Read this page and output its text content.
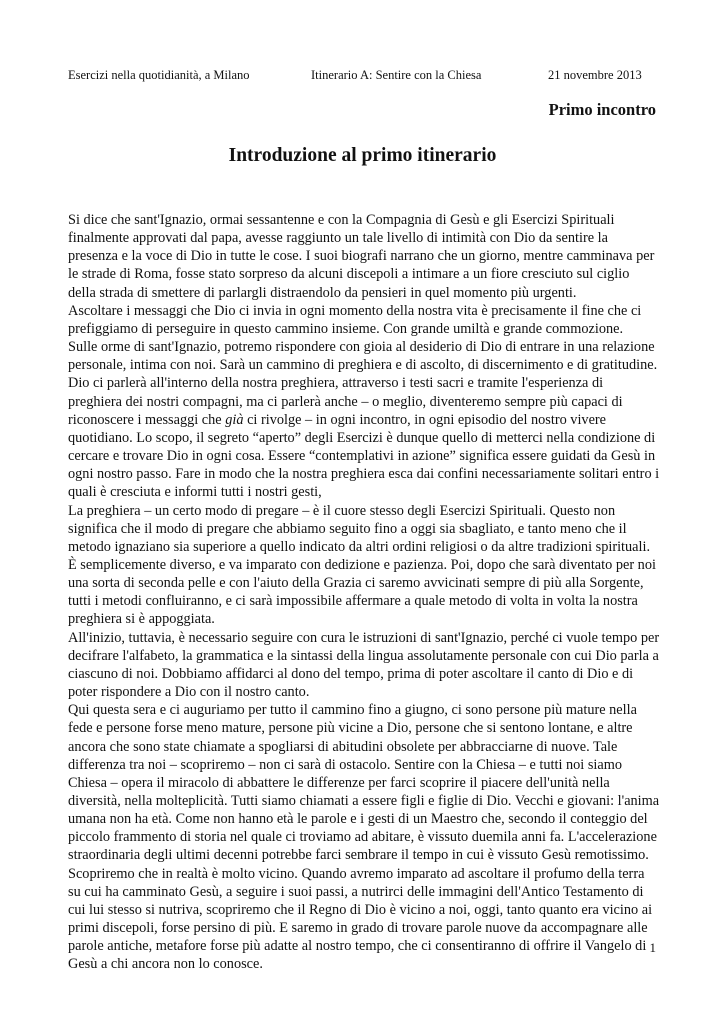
Esercizi nella quotidianità, a Milano	Itinerario A: Sentire con la Chiesa	21 novembre 2013
Primo incontro
Introduzione al primo itinerario

Si dice che sant'Ignazio, ormai sessantenne e con la Compagnia di Gesù e gli Esercizi Spirituali finalmente approvati dal papa, avesse raggiunto un tale livello di intimità con Dio da sentire la presenza e la voce di Dio in tutte le cose. I suoi biografi narrano che un giorno, mentre camminava per le strade di Roma, fosse stato sorpreso da alcuni discepoli a intimare a un fiore cresciuto sul ciglio della strada di smettere di parlargli distraendolo da pensieri in quel momento più urgenti.

Ascoltare i messaggi che Dio ci invia in ogni momento della nostra vita è precisamente il fine che ci prefiggiamo di perseguire in questo cammino insieme. Con grande umiltà e grande commozione.

Sulle orme di sant'Ignazio, potremo rispondere con gioia al desiderio di Dio di entrare in una relazione personale, intima con noi. Sarà un cammino di preghiera e di ascolto, di discernimento e di gratitudine. Dio ci parlerà all'interno della nostra preghiera, attraverso i testi sacri e tramite l'esperienza di preghiera dei nostri compagni, ma ci parlerà anche – o meglio, diventeremo sempre più capaci di riconoscere i messaggi che già ci rivolge – in ogni incontro, in ogni episodio del nostro vivere quotidiano. Lo scopo, il segreto “aperto” degli Esercizi è dunque quello di metterci nella condizione di cercare e trovare Dio in ogni cosa. Essere “contemplativi in azione” significa essere guidati da Gesù in ogni nostro passo. Fare in modo che la nostra preghiera esca dai confini necessariamente solitari entro i quali è cresciuta e informi tutti i nostri gesti,

La preghiera – un certo modo di pregare – è il cuore stesso degli Esercizi Spirituali. Questo non significa che il modo di pregare che abbiamo seguito fino a oggi sia sbagliato, e tanto meno che il metodo ignaziano sia superiore a quello indicato da altri ordini religiosi o da altre tradizioni spirituali. È semplicemente diverso, e va imparato con dedizione e pazienza. Poi, dopo che sarà diventato per noi una sorta di seconda pelle e con l'aiuto della Grazia ci saremo avvicinati sempre di più alla Sorgente, tutti i metodi confluiranno, e ci sarà impossibile affermare a quale metodo di volta in volta la nostra preghiera si è appoggiata.

All'inizio, tuttavia, è necessario seguire con cura le istruzioni di sant'Ignazio, perché ci vuole tempo per decifrare l'alfabeto, la grammatica e la sintassi della lingua assolutamente personale con cui Dio parla a ciascuno di noi. Dobbiamo affidarci al dono del tempo, prima di poter ascoltare il canto di Dio e di poter rispondere a Dio con il nostro canto.

Qui questa sera e ci auguriamo per tutto il cammino fino a giugno, ci sono persone più mature nella fede e persone forse meno mature, persone più vicine a Dio, persone che si sentono lontane, e altre ancora che sono state chiamate a spogliarsi di abitudini obsolete per abbracciarne di nuove. Tale differenza tra noi – scopriremo – non ci sarà di ostacolo. Sentire con la Chiesa – e tutti noi siamo Chiesa – opera il miracolo di abbattere le differenze per farci scoprire il piacere dell'unità nella diversità, nella molteplicità. Tutti siamo chiamati a essere figli e figlie di Dio. Vecchi e giovani: l'anima umana non ha età. Come non hanno età le parole e i gesti di un Maestro che, secondo il conteggio del piccolo frammento di storia nel quale ci troviamo ad abitare, è vissuto duemila anni fa. L'accelerazione straordinaria degli ultimi decenni potrebbe farci sembrare il tempo in cui è vissuto Gesù remotissimo. Scopriremo che in realtà è molto vicino. Quando avremo imparato ad ascoltare il profumo della terra su cui ha camminato Gesù, a seguire i suoi passi, a nutrirci delle immagini dell'Antico Testamento di cui lui stesso si nutriva, scopriremo che il Regno di Dio è vicino a noi, oggi, tanto quanto era vicino ai primi discepoli, forse persino di più. E saremo in grado di trovare parole nuove da accompagnare alle parole antiche, metafore forse più adatte al nostro tempo, che ci consentiranno di offrire il Vangelo di Gesù a chi ancora non lo conosce.

1
